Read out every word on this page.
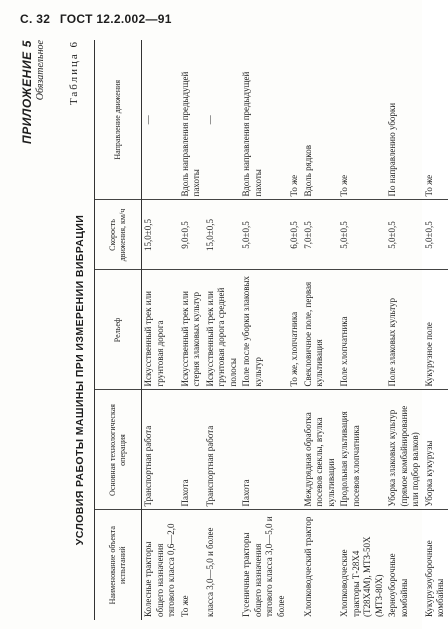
С. 32 ГОСТ 12.2.002—91
ПРИЛОЖЕНИЕ 5 Обязательное Таблица 6
УСЛОВИЯ РАБОТЫ МАШИНЫ ПРИ ИЗМЕРЕНИИ ВИБРАЦИИ
Наименование объекта испытаний	Основная технологическая операция	Рельеф	Скорость движения, км/ч	Направление движения
Колесные тракторы общего назначения тягового класса 0,6—2,0	Транспортная работа	Искусственный трек или грунтовая дорога	15,0±0,5	—
То же	Пахота	Искусственный трек или стерня злаковых культур	9,0±0,5	Вдоль направления предыдущей пахоты
класса 3,0—5,0 и более	Транспортная работа	Искусственный трек или грунтовая дорога средней полосы	15,0±0,5	—
Гусеничные тракторы общего назначения тягового класса 3,0—5,0 и более	Пахота	Поле после уборки злаковых культур	5,0±0,5	Вдоль направления предыдущей пахоты
		То же, хлопчатника	6,0±0,5	То же
Хлопководческий трактор	Междурядная обработка посевов свеклы, втулка культивации	Свекловичное поле, первая культивация	7,0±0,5	Вдоль рядков
Хлопководческие тракторы Т-28Х4 (Т28Х4М), МТЗ-50Х (МТЗ-80Х)	Продольная культивация посевов хлопчатника	Поле хлопчатника	5,0±0,5	То же
Зерноуборочные комбайны	Уборка злаковых культур (прямое комбайнирование или подбор валков)	Поле злаковых культур	5,0±0,5	По направлению уборки
Кукурузоуборочные комбайны	Уборка кукурузы	Кукурузное поле	5,0±0,5	То же
